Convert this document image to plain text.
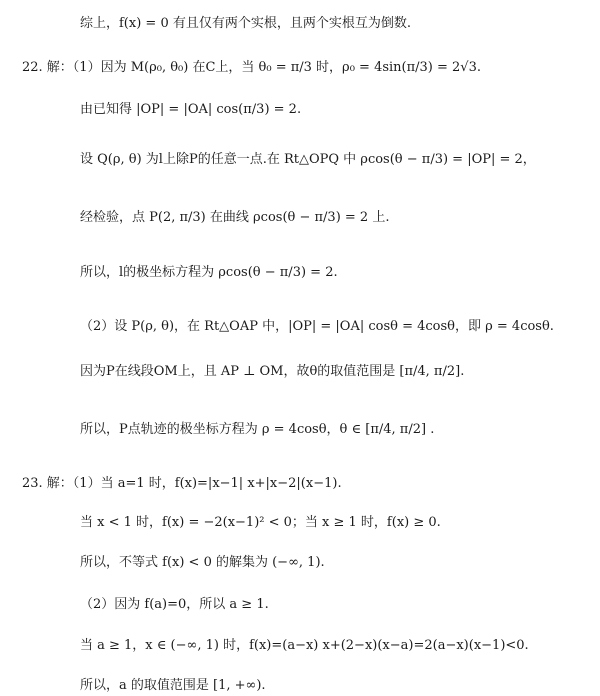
综上，f(x) = 0 有且仅有两个实根，且两个实根互为倒数.
22. 解：（1）因为 M(ρ₀, θ₀) 在C上，当 θ₀ = π/3 时，ρ₀ = 4sin(π/3) = 2√3.
由已知得 |OP| = |OA| cos(π/3) = 2.
设 Q(ρ, θ) 为l上除P的任意一点.在 Rt△OPQ 中 ρcos(θ − π/3) = |OP| = 2，
经检验，点 P(2, π/3) 在曲线 ρcos(θ − π/3) = 2 上.
所以，l的极坐标方程为 ρcos(θ − π/3) = 2.
（2）设 P(ρ, θ)，在 Rt△OAP 中，|OP| = |OA| cosθ = 4cosθ，即 ρ = 4cosθ.
因为P在线段OM上，且 AP ⊥ OM，故θ的取值范围是 [π/4, π/2].
所以，P点轨迹的极坐标方程为 ρ = 4cosθ，θ ∈ [π/4, π/2] .
23. 解：（1）当 a=1 时，f(x)=|x−1| x+|x−2|(x−1).
当 x < 1 时，f(x) = −2(x−1)² < 0；当 x ≥ 1 时，f(x) ≥ 0.
所以，不等式 f(x) < 0 的解集为 (−∞, 1).
（2）因为 f(a)=0，所以 a ≥ 1.
当 a ≥ 1，x ∈ (−∞, 1) 时，f(x)=(a−x) x+(2−x)(x−a)=2(a−x)(x−1)<0.
所以，a 的取值范围是 [1, +∞).
